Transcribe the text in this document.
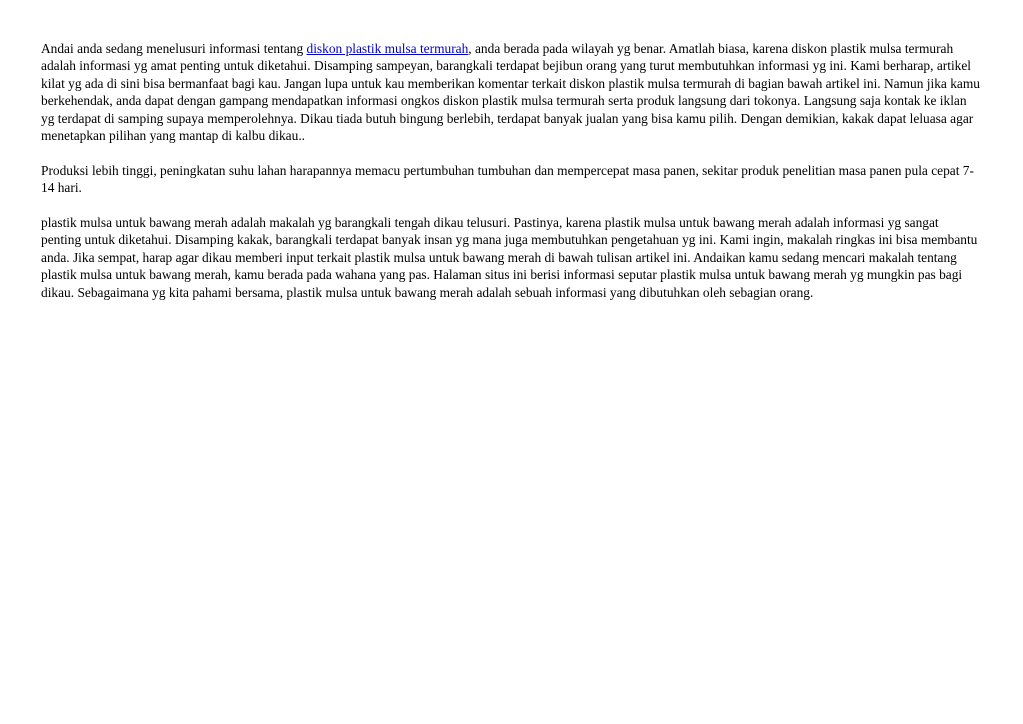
Andai anda sedang menelusuri informasi tentang diskon plastik mulsa termurah, anda berada pada wilayah yg benar. Amatlah biasa, karena diskon plastik mulsa termurah adalah informasi yg amat penting untuk diketahui. Disamping sampeyan, barangkali terdapat bejibun orang yang turut membutuhkan informasi yg ini. Kami berharap, artikel kilat yg ada di sini bisa bermanfaat bagi kau. Jangan lupa untuk kau memberikan komentar terkait diskon plastik mulsa termurah di bagian bawah artikel ini. Namun jika kamu berkehendak, anda dapat dengan gampang mendapatkan informasi ongkos diskon plastik mulsa termurah serta produk langsung dari tokonya. Langsung saja kontak ke iklan yg terdapat di samping supaya memperolehnya. Dikau tiada butuh bingung berlebih, terdapat banyak jualan yang bisa kamu pilih. Dengan demikian, kakak dapat leluasa agar menetapkan pilihan yang mantap di kalbu dikau..

Produksi lebih tinggi, peningkatan suhu lahan harapannya memacu pertumbuhan tumbuhan dan mempercepat masa panen, sekitar produk penelitian masa panen pula cepat 7-14 hari.

plastik mulsa untuk bawang merah adalah makalah yg barangkali tengah dikau telusuri. Pastinya, karena plastik mulsa untuk bawang merah adalah informasi yg sangat penting untuk diketahui. Disamping kakak, barangkali terdapat banyak insan yg mana juga membutuhkan pengetahuan yg ini. Kami ingin, makalah ringkas ini bisa membantu anda. Jika sempat, harap agar dikau memberi input terkait plastik mulsa untuk bawang merah di bawah tulisan artikel ini. Andaikan kamu sedang mencari makalah tentang plastik mulsa untuk bawang merah, kamu berada pada wahana yang pas. Halaman situs ini berisi informasi seputar plastik mulsa untuk bawang merah yg mungkin pas bagi dikau. Sebagaimana yg kita pahami bersama, plastik mulsa untuk bawang merah adalah sebuah informasi yang dibutuhkan oleh sebagian orang.
